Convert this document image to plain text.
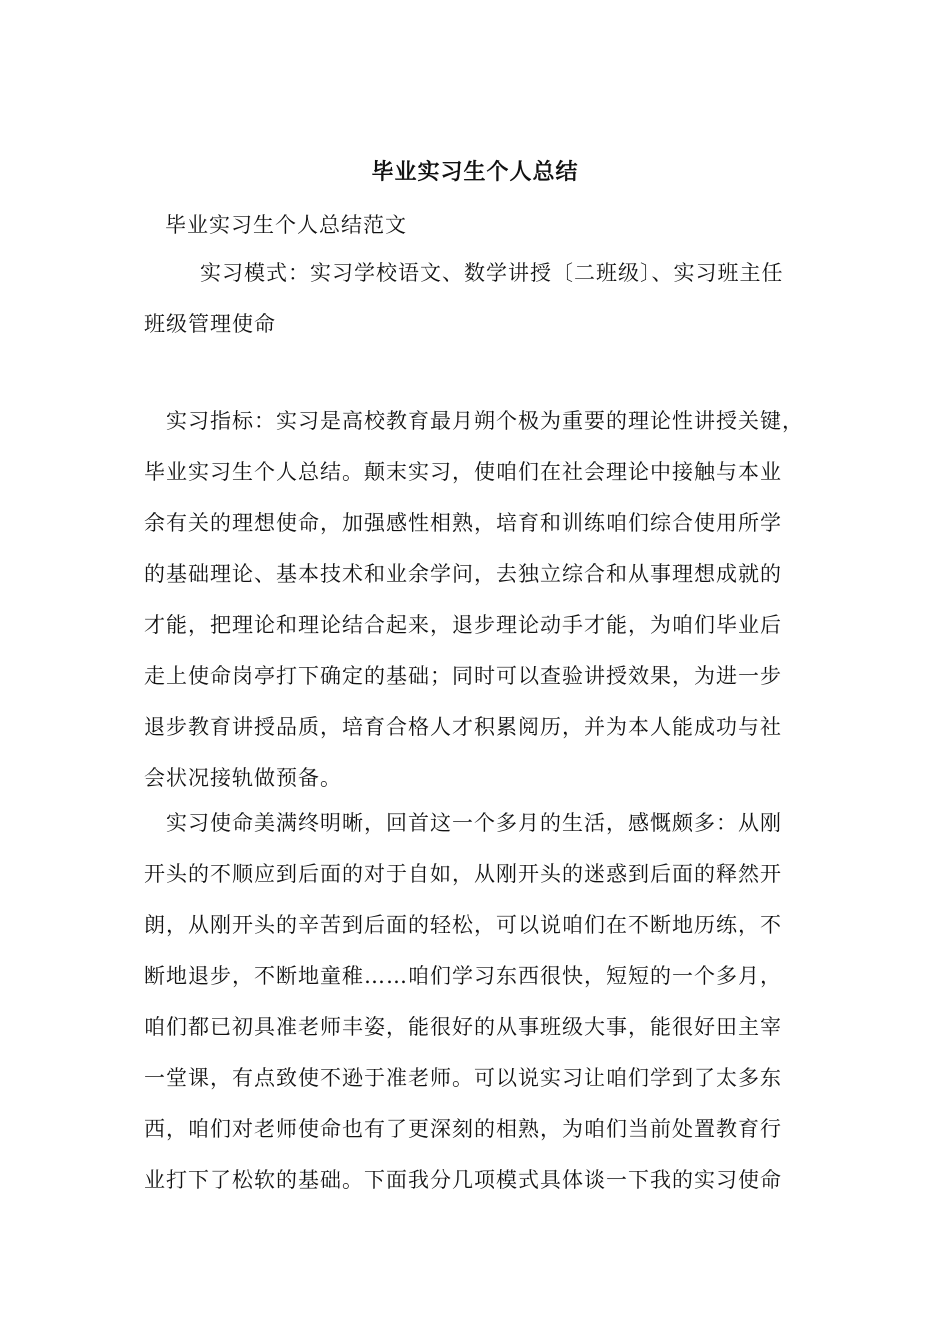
毕业实习生个人总结
毕业实习生个人总结范文
实习模式：实习学校语文、数学讲授〔二班级〕、实习班主任
班级管理使命
实习指标：实习是高校教育最月朔个极为重要的理论性讲授关键，
毕业实习生个人总结。颠末实习，使咱们在社会理论中接触与本业
余有关的理想使命，加强感性相熟，培育和训练咱们综合使用所学
的基础理论、基本技术和业余学问，去独立综合和从事理想成就的
才能，把理论和理论结合起来，退步理论动手才能，为咱们毕业后
走上使命岗亭打下确定的基础；同时可以查验讲授效果，为进一步
退步教育讲授品质，培育合格人才积累阅历，并为本人能成功与社
会状况接轨做预备。
实习使命美满终明晰，回首这一个多月的生活，感慨颇多：从刚
开头的不顺应到后面的对于自如，从刚开头的迷惑到后面的释然开
朗，从刚开头的辛苦到后面的轻松，可以说咱们在不断地历练，不
断地退步，不断地童稚……咱们学习东西很快，短短的一个多月，
咱们都已初具准老师丰姿，能很好的从事班级大事，能很好田主宰
一堂课，有点致使不逊于准老师。可以说实习让咱们学到了太多东
西，咱们对老师使命也有了更深刻的相熟，为咱们当前处置教育行
业打下了松软的基础。下面我分几项模式具体谈一下我的实习使命
